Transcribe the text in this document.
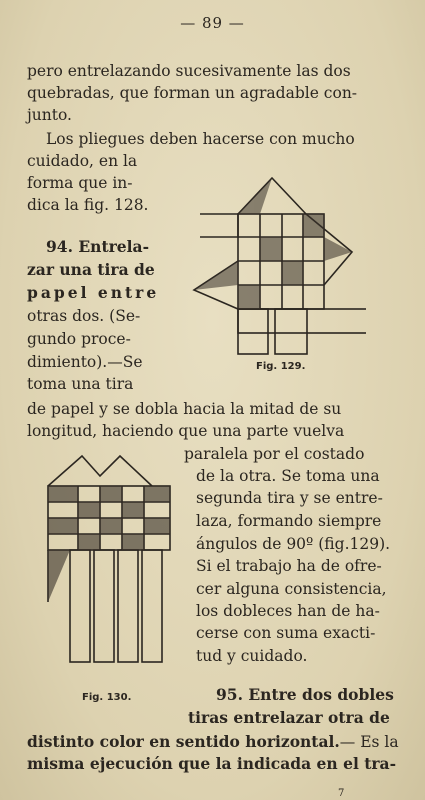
— 89 —
pero entrelazando sucesivamente las dos
quebradas, que forman un agradable con-
junto.
Los pliegues deben hacerse con mucho
cuidado, en la
forma que in-
dica la fig. 128.
94. Entrela-
zar una tira de
papel entre
otras dos. (Se-
gundo proce-
dimiento).—Se
toma una tira
de papel y se dobla hacia la mitad de su
longitud, haciendo que una parte vuelva
paralela por el costado
de la otra. Se toma una
segunda tira y se entre-
laza, formando siempre
ángulos de 90º (fig.129).
Si el trabajo ha de ofre-
cer alguna consistencia,
los dobleces han de ha-
cerse con suma exacti-
tud y cuidado.
95. Entre dos dobles
tiras entrelazar otra de
distinto color en sentido horizontal.— Es la
misma ejecución que la indicada en el tra-
Fig. 129.
Fig. 130.
7
